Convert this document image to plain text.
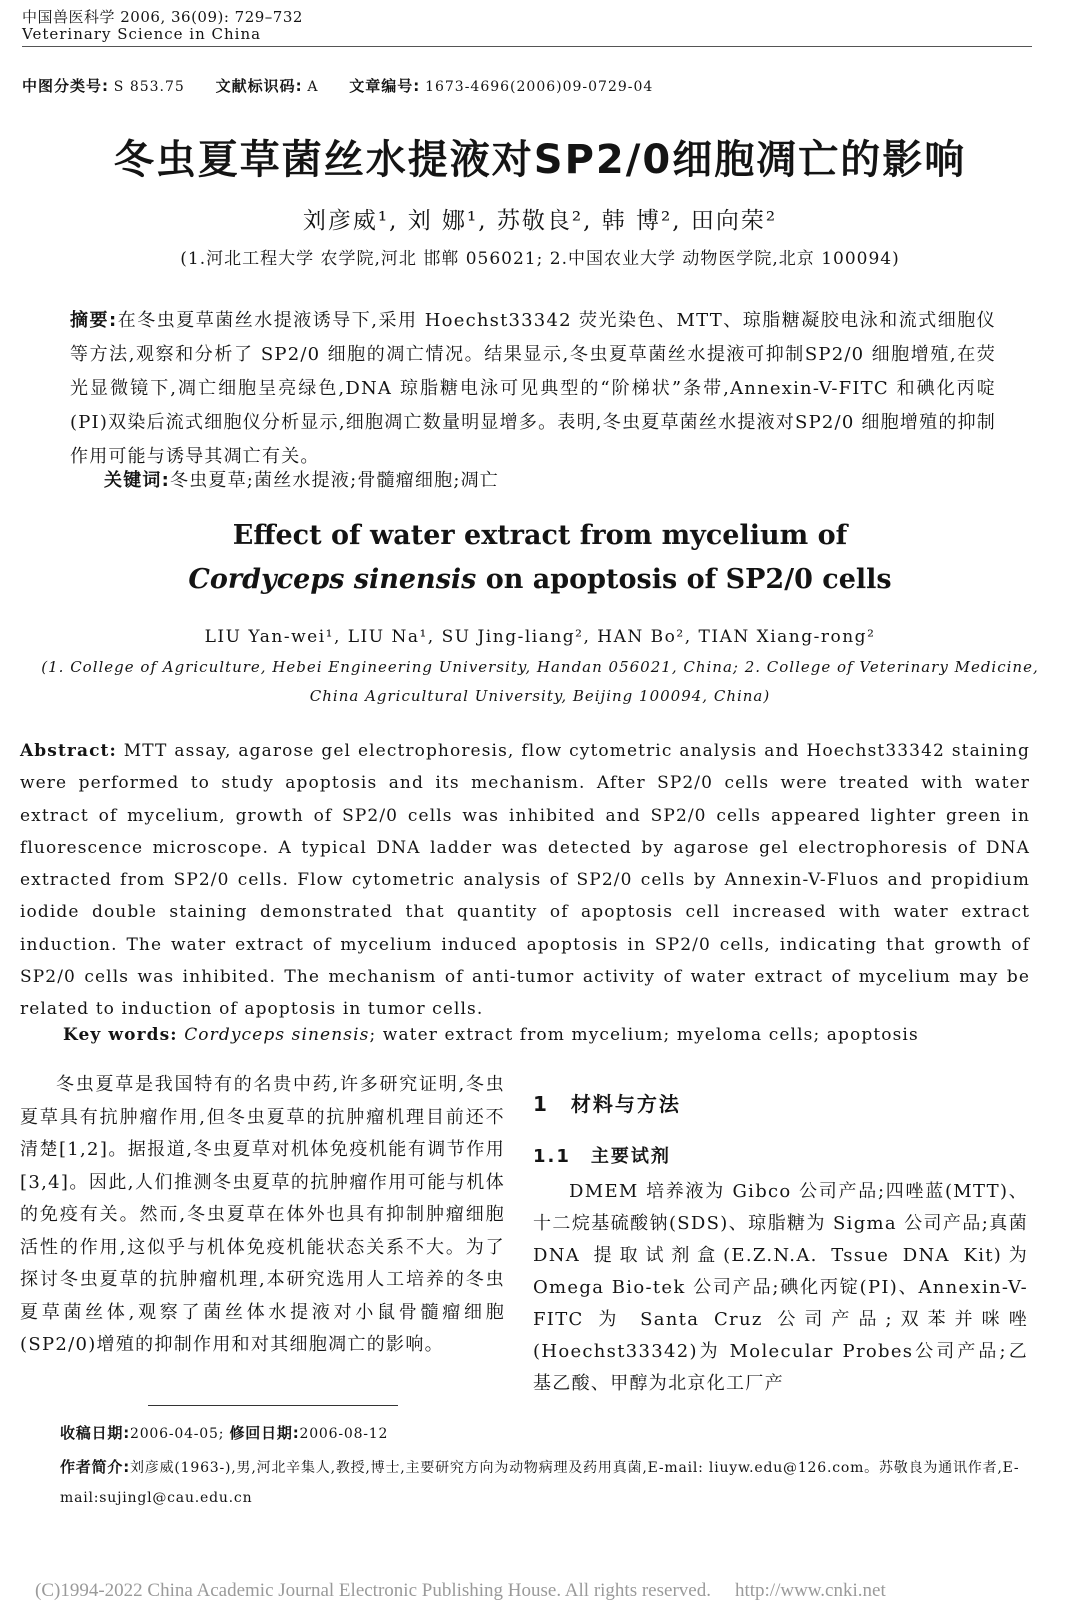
中国兽医科学 2006, 36(09): 729–732
Veterinary Science in China
中图分类号: S 853.75 文献标识码: A 文章编号: 1673-4696(2006)09-0729-04
冬虫夏草菌丝水提液对SP2/0细胞凋亡的影响
刘彦威¹, 刘 娜¹, 苏敬良², 韩 博², 田向荣²
(1.河北工程大学 农学院,河北 邯郸 056021; 2.中国农业大学 动物医学院,北京 100094)
摘要:在冬虫夏草菌丝水提液诱导下,采用 Hoechst33342 荧光染色、MTT、琼脂糖凝胶电泳和流式细胞仪等方法,观察和分析了 SP2/0 细胞的凋亡情况。结果显示,冬虫夏草菌丝水提液可抑制SP2/0 细胞增殖,在荧光显微镜下,凋亡细胞呈亮绿色,DNA 琼脂糖电泳可见典型的“阶梯状”条带,Annexin-V-FITC 和碘化丙啶(PI)双染后流式细胞仪分析显示,细胞凋亡数量明显增多。表明,冬虫夏草菌丝水提液对SP2/0 细胞增殖的抑制作用可能与诱导其凋亡有关。
关键词:冬虫夏草;菌丝水提液;骨髓瘤细胞;凋亡
Effect of water extract from mycelium of
Cordyceps sinensis on apoptosis of SP2/0 cells
LIU Yan-wei¹, LIU Na¹, SU Jing-liang², HAN Bo², TIAN Xiang-rong²
(1. College of Agriculture, Hebei Engineering University, Handan 056021, China; 2. College of Veterinary Medicine,
China Agricultural University, Beijing 100094, China)
Abstract: MTT assay, agarose gel electrophoresis, flow cytometric analysis and Hoechst33342 staining were performed to study apoptosis and its mechanism. After SP2/0 cells were treated with water extract of mycelium, growth of SP2/0 cells was inhibited and SP2/0 cells appeared lighter green in fluorescence microscope. A typical DNA ladder was detected by agarose gel electrophoresis of DNA extracted from SP2/0 cells. Flow cytometric analysis of SP2/0 cells by Annexin-V-Fluos and propidium iodide double staining demonstrated that quantity of apoptosis cell increased with water extract induction. The water extract of mycelium induced apoptosis in SP2/0 cells, indicating that growth of SP2/0 cells was inhibited. The mechanism of anti-tumor activity of water extract of mycelium may be related to induction of apoptosis in tumor cells.
Key words: Cordyceps sinensis; water extract from mycelium; myeloma cells; apoptosis
冬虫夏草是我国特有的名贵中药,许多研究证明,冬虫夏草具有抗肿瘤作用,但冬虫夏草的抗肿瘤机理目前还不清楚[1,2]。据报道,冬虫夏草对机体免疫机能有调节作用[3,4]。因此,人们推测冬虫夏草的抗肿瘤作用可能与机体的免疫有关。然而,冬虫夏草在体外也具有抑制肿瘤细胞活性的作用,这似乎与机体免疫机能状态关系不大。为了探讨冬虫夏草的抗肿瘤机理,本研究选用人工培养的冬虫夏草菌丝体,观察了菌丝体水提液对小鼠骨髓瘤细胞(SP2/0)增殖的抑制作用和对其细胞凋亡的影响。
1　材料与方法
1.1　主要试剂
DMEM 培养液为 Gibco 公司产品;四唑蓝(MTT)、十二烷基硫酸钠(SDS)、琼脂糖为 Sigma 公司产品;真菌 DNA 提取试剂盒(E.Z.N.A. Tssue DNA Kit)为 Omega Bio-tek 公司产品;碘化丙锭(PI)、Annexin-V-FITC 为 Santa Cruz 公司产品;双苯并咪唑(Hoechst33342)为 Molecular Probes公司产品;乙基乙酸、甲醇为北京化工厂产
收稿日期:2006-04-05; 修回日期:2006-08-12
作者简介:刘彦威(1963-),男,河北辛集人,教授,博士,主要研究方向为动物病理及药用真菌,E-mail: liuyw.edu@126.com。苏敬良为通讯作者,E-mail:sujingl@cau.edu.cn
(C)1994-2022 China Academic Journal Electronic Publishing House. All rights reserved. http://www.cnki.net
